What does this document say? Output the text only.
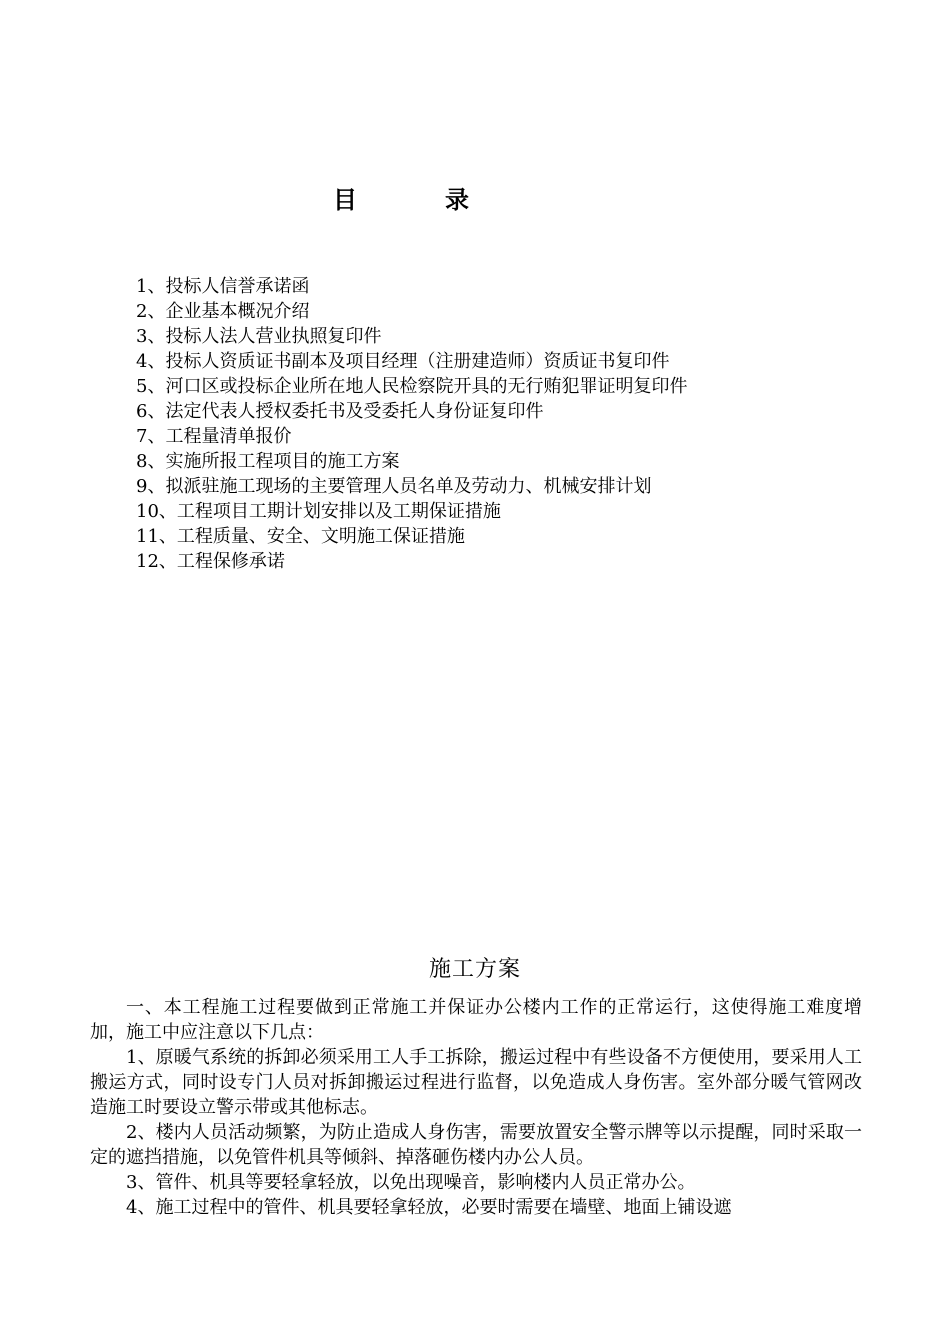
目	录
1、投标人信誉承诺函
2、企业基本概况介绍
3、投标人法人营业执照复印件
4、投标人资质证书副本及项目经理（注册建造师）资质证书复印件
5、河口区或投标企业所在地人民检察院开具的无行贿犯罪证明复印件
6、法定代表人授权委托书及受委托人身份证复印件
7、工程量清单报价
8、实施所报工程项目的施工方案
9、拟派驻施工现场的主要管理人员名单及劳动力、机械安排计划
10、工程项目工期计划安排以及工期保证措施
11、工程质量、安全、文明施工保证措施
12、工程保修承诺
施工方案

一、本工程施工过程要做到正常施工并保证办公楼内工作的正常运行，这使得施工难度增加，施工中应注意以下几点：

1、原暖气系统的拆卸必须采用工人手工拆除，搬运过程中有些设备不方便使用，要采用人工搬运方式，同时设专门人员对拆卸搬运过程进行监督，以免造成人身伤害。室外部分暖气管网改造施工时要设立警示带或其他标志。

2、楼内人员活动频繁，为防止造成人身伤害，需要放置安全警示牌等以示提醒，同时采取一定的遮挡措施，以免管件机具等倾斜、掉落砸伤楼内办公人员。

3、管件、机具等要轻拿轻放，以免出现噪音，影响楼内人员正常办公。

4、施工过程中的管件、机具要轻拿轻放，必要时需要在墙壁、地面上铺设遮
